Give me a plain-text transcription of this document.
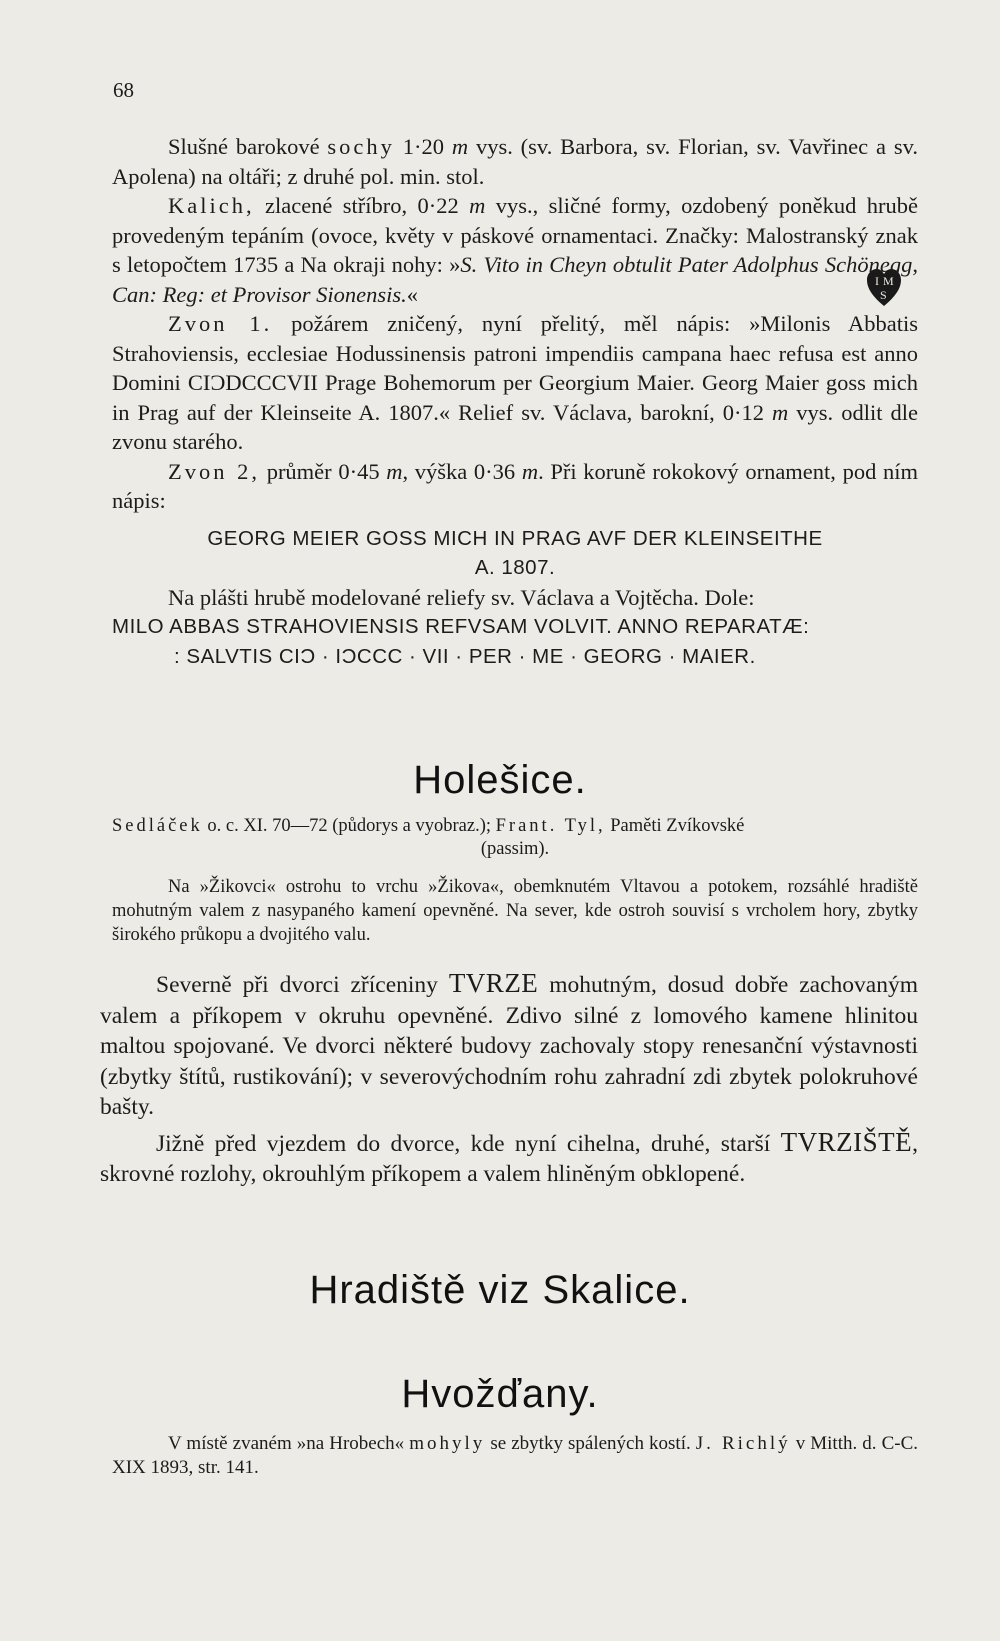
68

Slušné barokové sochy 1·20 m vys. (sv. Barbora, sv. Florian, sv. Vavřinec a sv. Apolena) na oltáři; z druhé pol. min. stol.

Kalich, zlacené stříbro, 0·22 m vys., sličné formy, ozdobený poněkud hrubě provedeným tepáním (ovoce, květy v páskové ornamentaci. Značky: Malostranský znak s letopočtem 1735 a Na okraji nohy: »S. Vito in Cheyn obtulit Pater Adolphus Schönegg, Can: Reg: et Provisor Sionensis.«

Zvon 1. požárem zničený, nyní přelitý, měl nápis: »Milonis Abbatis Strahoviensis, ecclesiae Hodussinensis patroni impendiis campana haec refusa est anno Domini CIƆDCCCVII Prage Bohemorum per Georgium Maier. Georg Maier goss mich in Prag auf der Kleinseite A. 1807.« Relief sv. Václava, barokní, 0·12 m vys. odlit dle zvonu starého.

Zvon 2, průměr 0·45 m, výška 0·36 m. Při koruně rokokový ornament, pod ním nápis:

GEORG MEIER GOSS MICH IN PRAG AVF DER KLEINSEITHE
A. 1807.

Na plášti hrubě modelované reliefy sv. Václava a Vojtěcha. Dole:

MILO ABBAS STRAHOVIENSIS REFVSAM VOLVIT. ANNO REPARATÆ:
: SALVTIS CIƆ · IƆCCC · VII · PER · ME · GEORG · MAIER.
I M
S
Holešice.

Sedláček o. c. XI. 70—72 (půdorys a vyobraz.); Frant. Tyl, Paměti Zvíkovské

(passim).

Na »Žikovci« ostrohu to vrchu »Žikova«, obemknutém Vltavou a potokem, rozsáhlé hradiště mohutným valem z nasypaného kamení opevněné. Na sever, kde ostroh souvisí s vrcholem hory, zbytky širokého průkopu a dvojitého valu.

Severně při dvorci zříceniny TVRZE mohutným, dosud dobře zachovaným valem a příkopem v okruhu opevněné. Zdivo silné z lomového kamene hlinitou maltou spojované. Ve dvorci některé budovy zachovaly stopy renesanční výstavnosti (zbytky štítů, rustikování); v severovýchodním rohu zahradní zdi zbytek polokruhové bašty.

Jižně před vjezdem do dvorce, kde nyní cihelna, druhé, starší TVRZIŠTĚ, skrovné rozlohy, okrouhlým příkopem a valem hliněným obklopené.

Hradiště viz Skalice.
Hvožďany.

V místě zvaném »na Hrobech« mohyly se zbytky spálených kostí. J. Richlý v Mitth. d. C-C. XIX 1893, str. 141.
